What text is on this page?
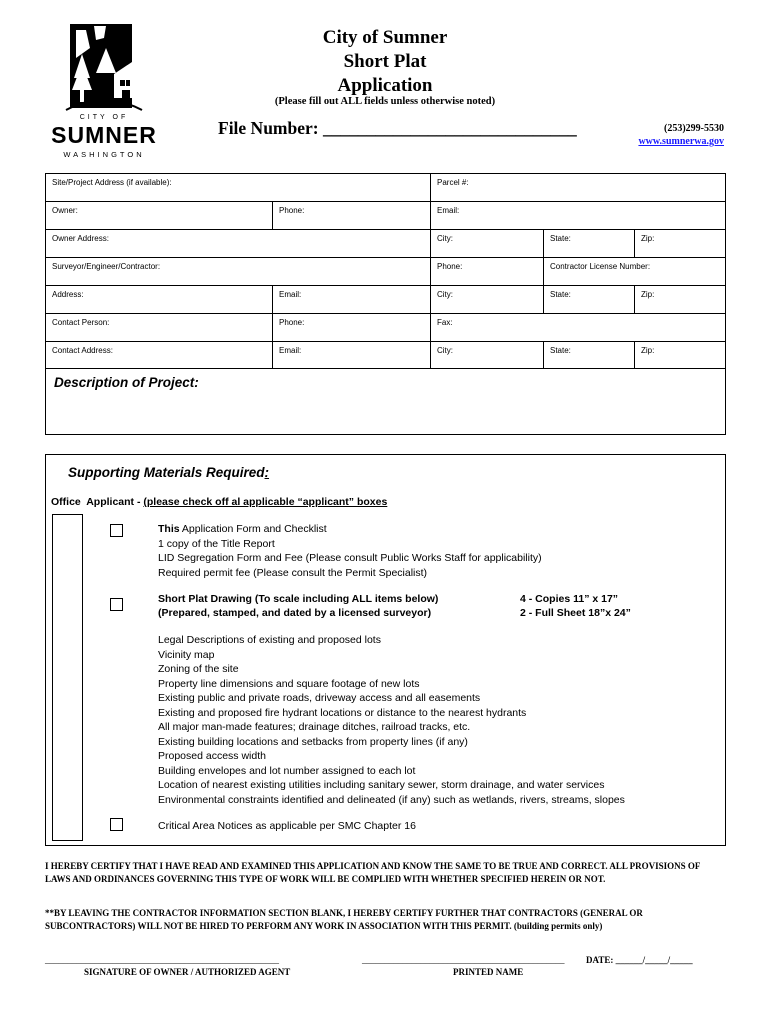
CITY OF
SUMNER
WASHINGTON
City of Sumner
Short Plat
Application
(Please fill out ALL fields unless otherwise noted)
File Number: _____________________________	(253)299-5530
www.sumnerwa.gov
Site/Project Address (if available):	Parcel #:
Owner:	Phone:	Email:
Owner Address:	City:	State:	Zip:
Surveyor/Engineer/Contractor:	Phone:	Contractor License Number:
Address:	Email:	City:	State:	Zip:
Contact Person:	Phone:	Fax:
Contact Address:	Email:	City:	State:	Zip:
Description of Project:
Supporting Materials Required:
Office Applicant - (please check off al applicable “applicant” boxes
This Application Form and Checklist
1 copy of the Title Report
LID Segregation Form and Fee (Please consult Public Works Staff for applicability)
Required permit fee (Please consult the Permit Specialist)
Short Plat Drawing (To scale including ALL items below)
(Prepared, stamped, and dated by a licensed surveyor)
4 - Copies 11” x 17”
2 - Full Sheet 18”x 24”
Legal Descriptions of existing and proposed lots
Vicinity map
Zoning of the site
Property line dimensions and square footage of new lots
Existing public and private roads, driveway access and all easements
Existing and proposed fire hydrant locations or distance to the nearest hydrants
All major man-made features; drainage ditches, railroad tracks, etc.
Existing building locations and setbacks from property lines (if any)
Proposed access width
Building envelopes and lot number assigned to each lot
Location of nearest existing utilities including sanitary sewer, storm drainage, and water services
Environmental constraints identified and delineated (if any) such as wetlands, rivers, streams, slopes
Critical Area Notices as applicable per SMC Chapter 16
I HEREBY CERTIFY THAT I HAVE READ AND EXAMINED THIS APPLICATION AND KNOW THE SAME TO BE TRUE AND CORRECT. ALL PROVISIONS OF LAWS AND ORDINANCES GOVERNING THIS TYPE OF WORK WILL BE COMPLIED WITH WHETHER SPECIFIED HEREIN OR NOT.
**BY LEAVING THE CONTRACTOR INFORMATION SECTION BLANK, I HEREBY CERTIFY FURTHER THAT CONTRACTORS (GENERAL OR SUBCONTRACTORS) WILL NOT BE HIRED TO PERFORM ANY WORK IN ASSOCIATION WITH THIS PERMIT. (building permits only)
____________________________________________________
SIGNATURE OF OWNER / AUTHORIZED AGENT
_____________________________________________
PRINTED NAME
DATE: ______/_____/_____
